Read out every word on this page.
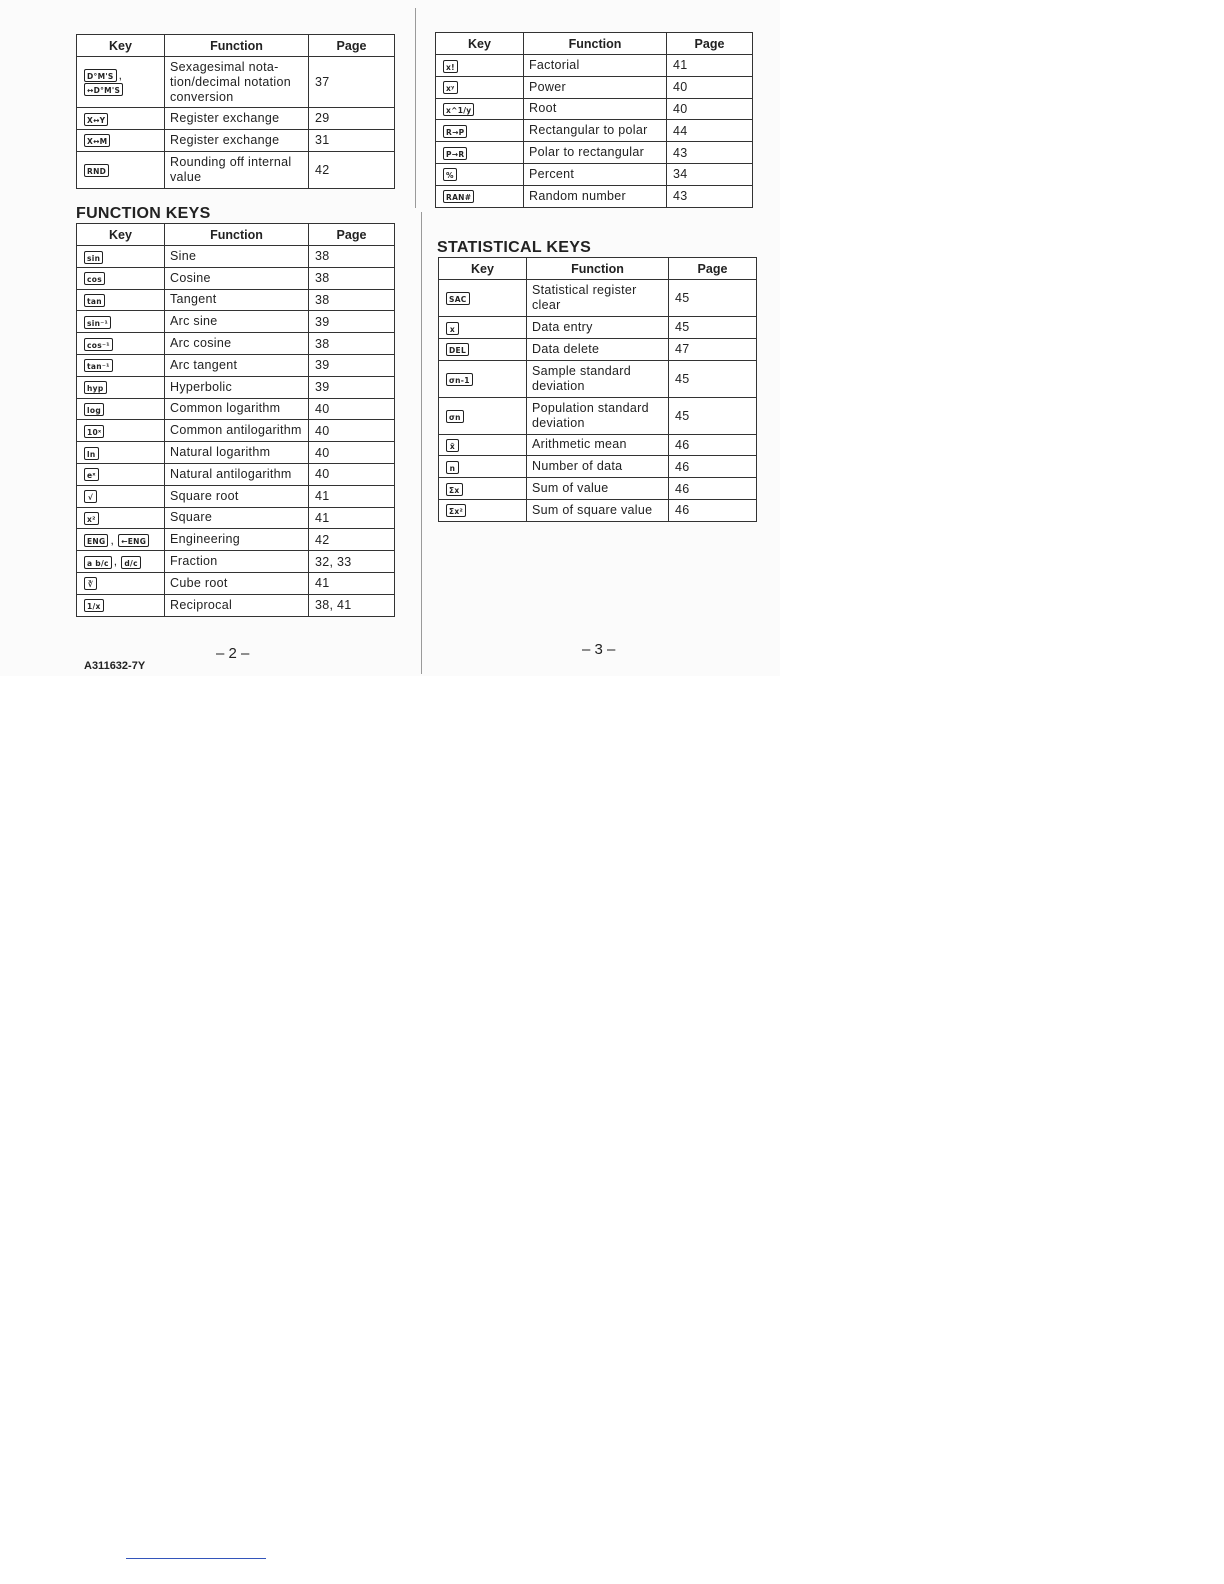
Key	Function	Page
D°M'S ,↔D°M'S	Sexagesimal nota-tion/decimal notation conversion	37
X↔Y	Register exchange	29
X↔M	Register exchange	31
RND	Rounding off internal value	42
FUNCTION KEYS
Key	Function	Page
sin	Sine	38
cos	Cosine	38
tan	Tangent	38
sin⁻¹	Arc sine	39
cos⁻¹	Arc cosine	38
tan⁻¹	Arc tangent	39
hyp	Hyperbolic	39
log	Common logarithm	40
10ˣ	Common antilogarithm	40
ln	Natural logarithm	40
eˣ	Natural antilogarithm	40
√	Square root	41
x²	Square	41
ENG , ←ENG	Engineering	42
a b/c , d/c	Fraction	32, 33
∛	Cube root	41
1/x	Reciprocal	38, 41
– 2 –
A311632-7Y
Key	Function	Page
x!	Factorial	41
xʸ	Power	40
x^1/y	Root	40
R→P	Rectangular to polar	44
P→R	Polar to rectangular	43
%	Percent	34
RAN#	Random number	43
STATISTICAL KEYS
Key	Function	Page
SAC	Statistical register clear	45
x	Data entry	45
DEL	Data delete	47
σn-1	Sample standard deviation	45
σn	Population standard deviation	45
x̄	Arithmetic mean	46
n	Number of data	46
Σx	Sum of value	46
Σx²	Sum of square value	46
– 3 –
